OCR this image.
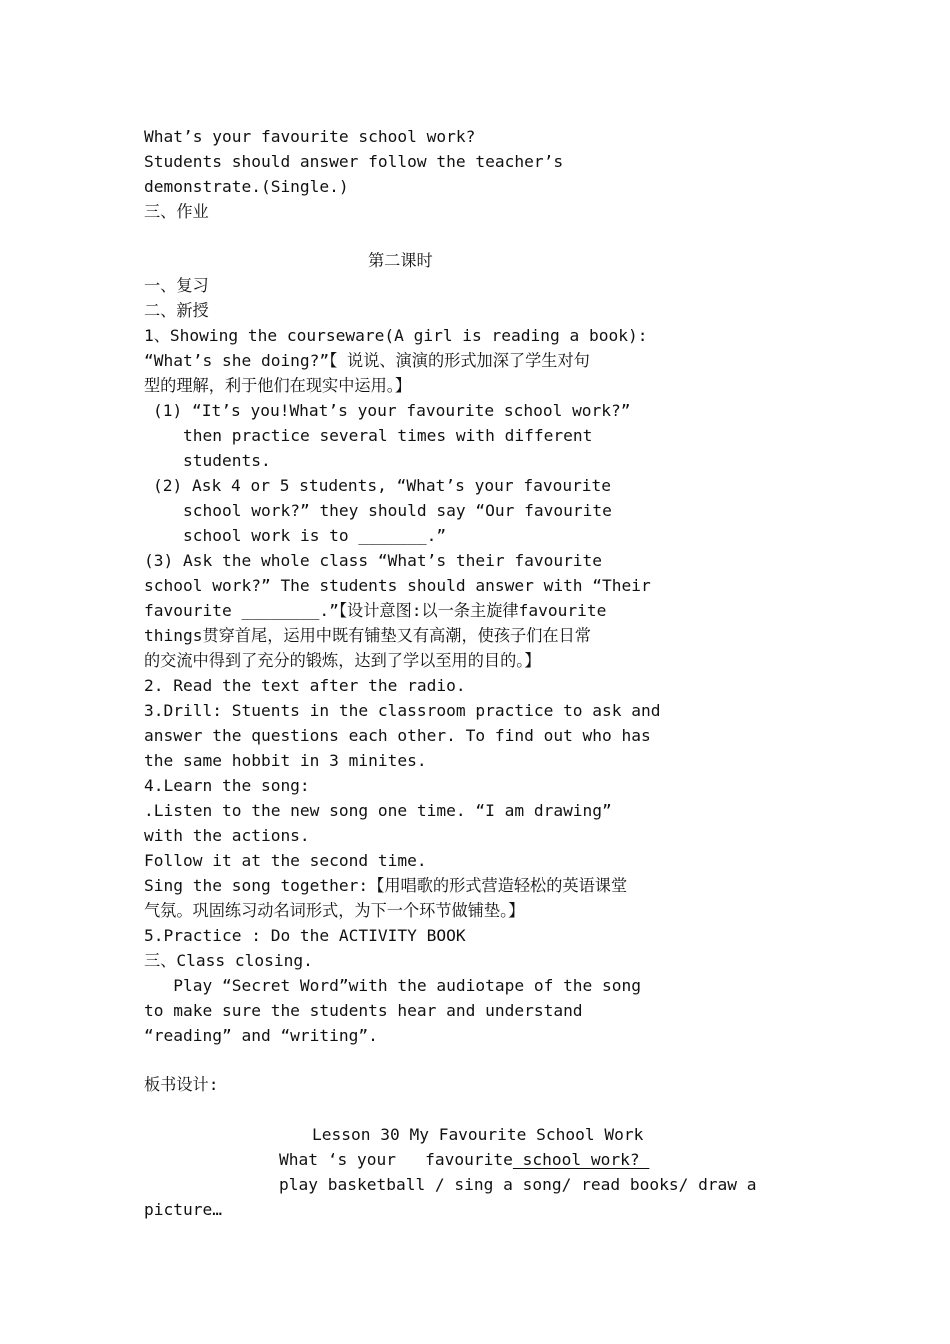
What’s your favourite school work?

Students should answer follow the teacher’s

demonstrate.(Single.)

三、作业

第二课时

一、复习

二、新授

1、Showing the courseware(A girl is reading a book):

“What’s she doing?”【 说说、演演的形式加深了学生对句

型的理解，利于他们在现实中运用。】

(1) “It’s you!What’s your favourite school work?”

then practice several times with different

students.

(2) Ask 4 or 5 students, “What’s your favourite

school work?” they should say “Our favourite

school work is to _______.”

(3) Ask the whole class “What’s their favourite

school work?” The students should answer with “Their

favourite ________.”【设计意图:以一条主旋律favourite

things贯穿首尾，运用中既有铺垫又有高潮，使孩子们在日常

的交流中得到了充分的锻炼，达到了学以至用的目的。】

2. Read the text after the radio.

3.Drill: Stuents in the classroom practice to ask and

answer the questions each other. To find out who has

the same hobbit in 3 minites.

4.Learn the song:

.Listen to the new song one time. “I am drawing”

with the actions.

Follow it at the second time.

Sing the song together:【用唱歌的形式营造轻松的英语课堂

气氛。巩固练习动名词形式，为下一个环节做铺垫。】

5.Practice : Do the ACTIVITY BOOK

三、Class closing.

Play “Secret Word”with the audiotape of the song

to make sure the students hear and understand

“reading” and “writing”.

板书设计:

Lesson 30 My Favourite School Work

What ‘s your   favourite school work?

play basketball / sing a song/ read books/ draw a

picture…
